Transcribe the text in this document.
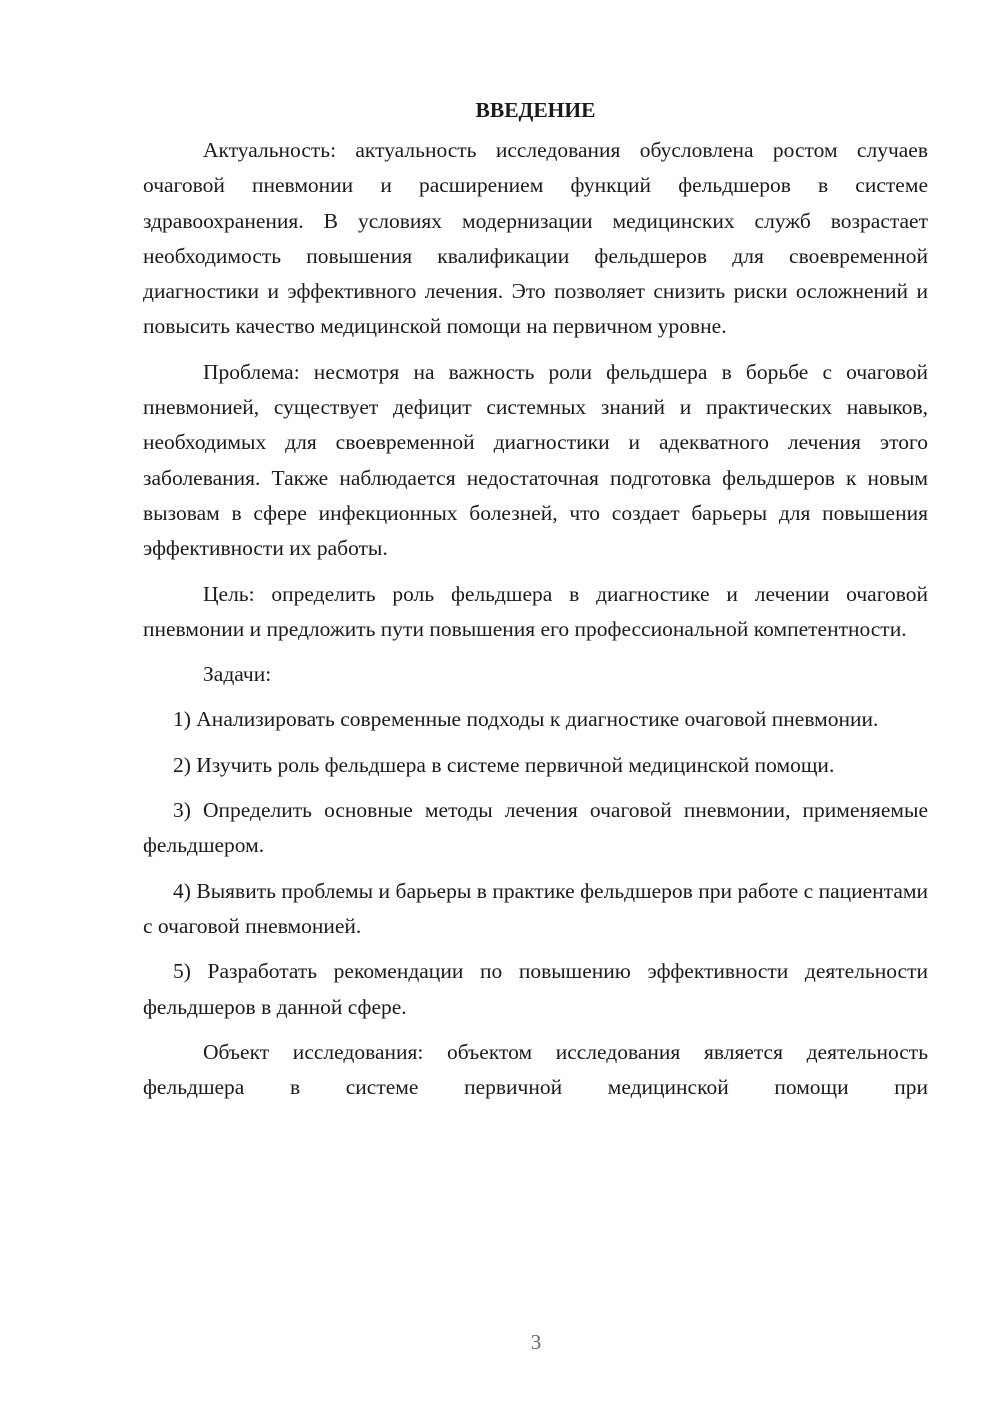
ВВЕДЕНИЕ

Актуальность: актуальность исследования обусловлена ростом случаев очаговой пневмонии и расширением функций фельдшеров в системе здравоохранения. В условиях модернизации медицинских служб возрастает необходимость повышения квалификации фельдшеров для своевременной диагностики и эффективного лечения. Это позволяет снизить риски осложнений и повысить качество медицинской помощи на первичном уровне.

Проблема: несмотря на важность роли фельдшера в борьбе с очаговой пневмонией, существует дефицит системных знаний и практических навыков, необходимых для своевременной диагностики и адекватного лечения этого заболевания. Также наблюдается недостаточная подготовка фельдшеров к новым вызовам в сфере инфекционных болезней, что создает барьеры для повышения эффективности их работы.

Цель: определить роль фельдшера в диагностике и лечении очаговой пневмонии и предложить пути повышения его профессиональной компетентности.

Задачи:

1) Анализировать современные подходы к диагностике очаговой пневмонии.

2) Изучить роль фельдшера в системе первичной медицинской помощи.

3) Определить основные методы лечения очаговой пневмонии, применяемые фельдшером.

4) Выявить проблемы и барьеры в практике фельдшеров при работе с пациентами с очаговой пневмонией.

5) Разработать рекомендации по повышению эффективности деятельности фельдшеров в данной сфере.

Объект исследования: объектом исследования является деятельность фельдшера в системе первичной медицинской помощи при

3
